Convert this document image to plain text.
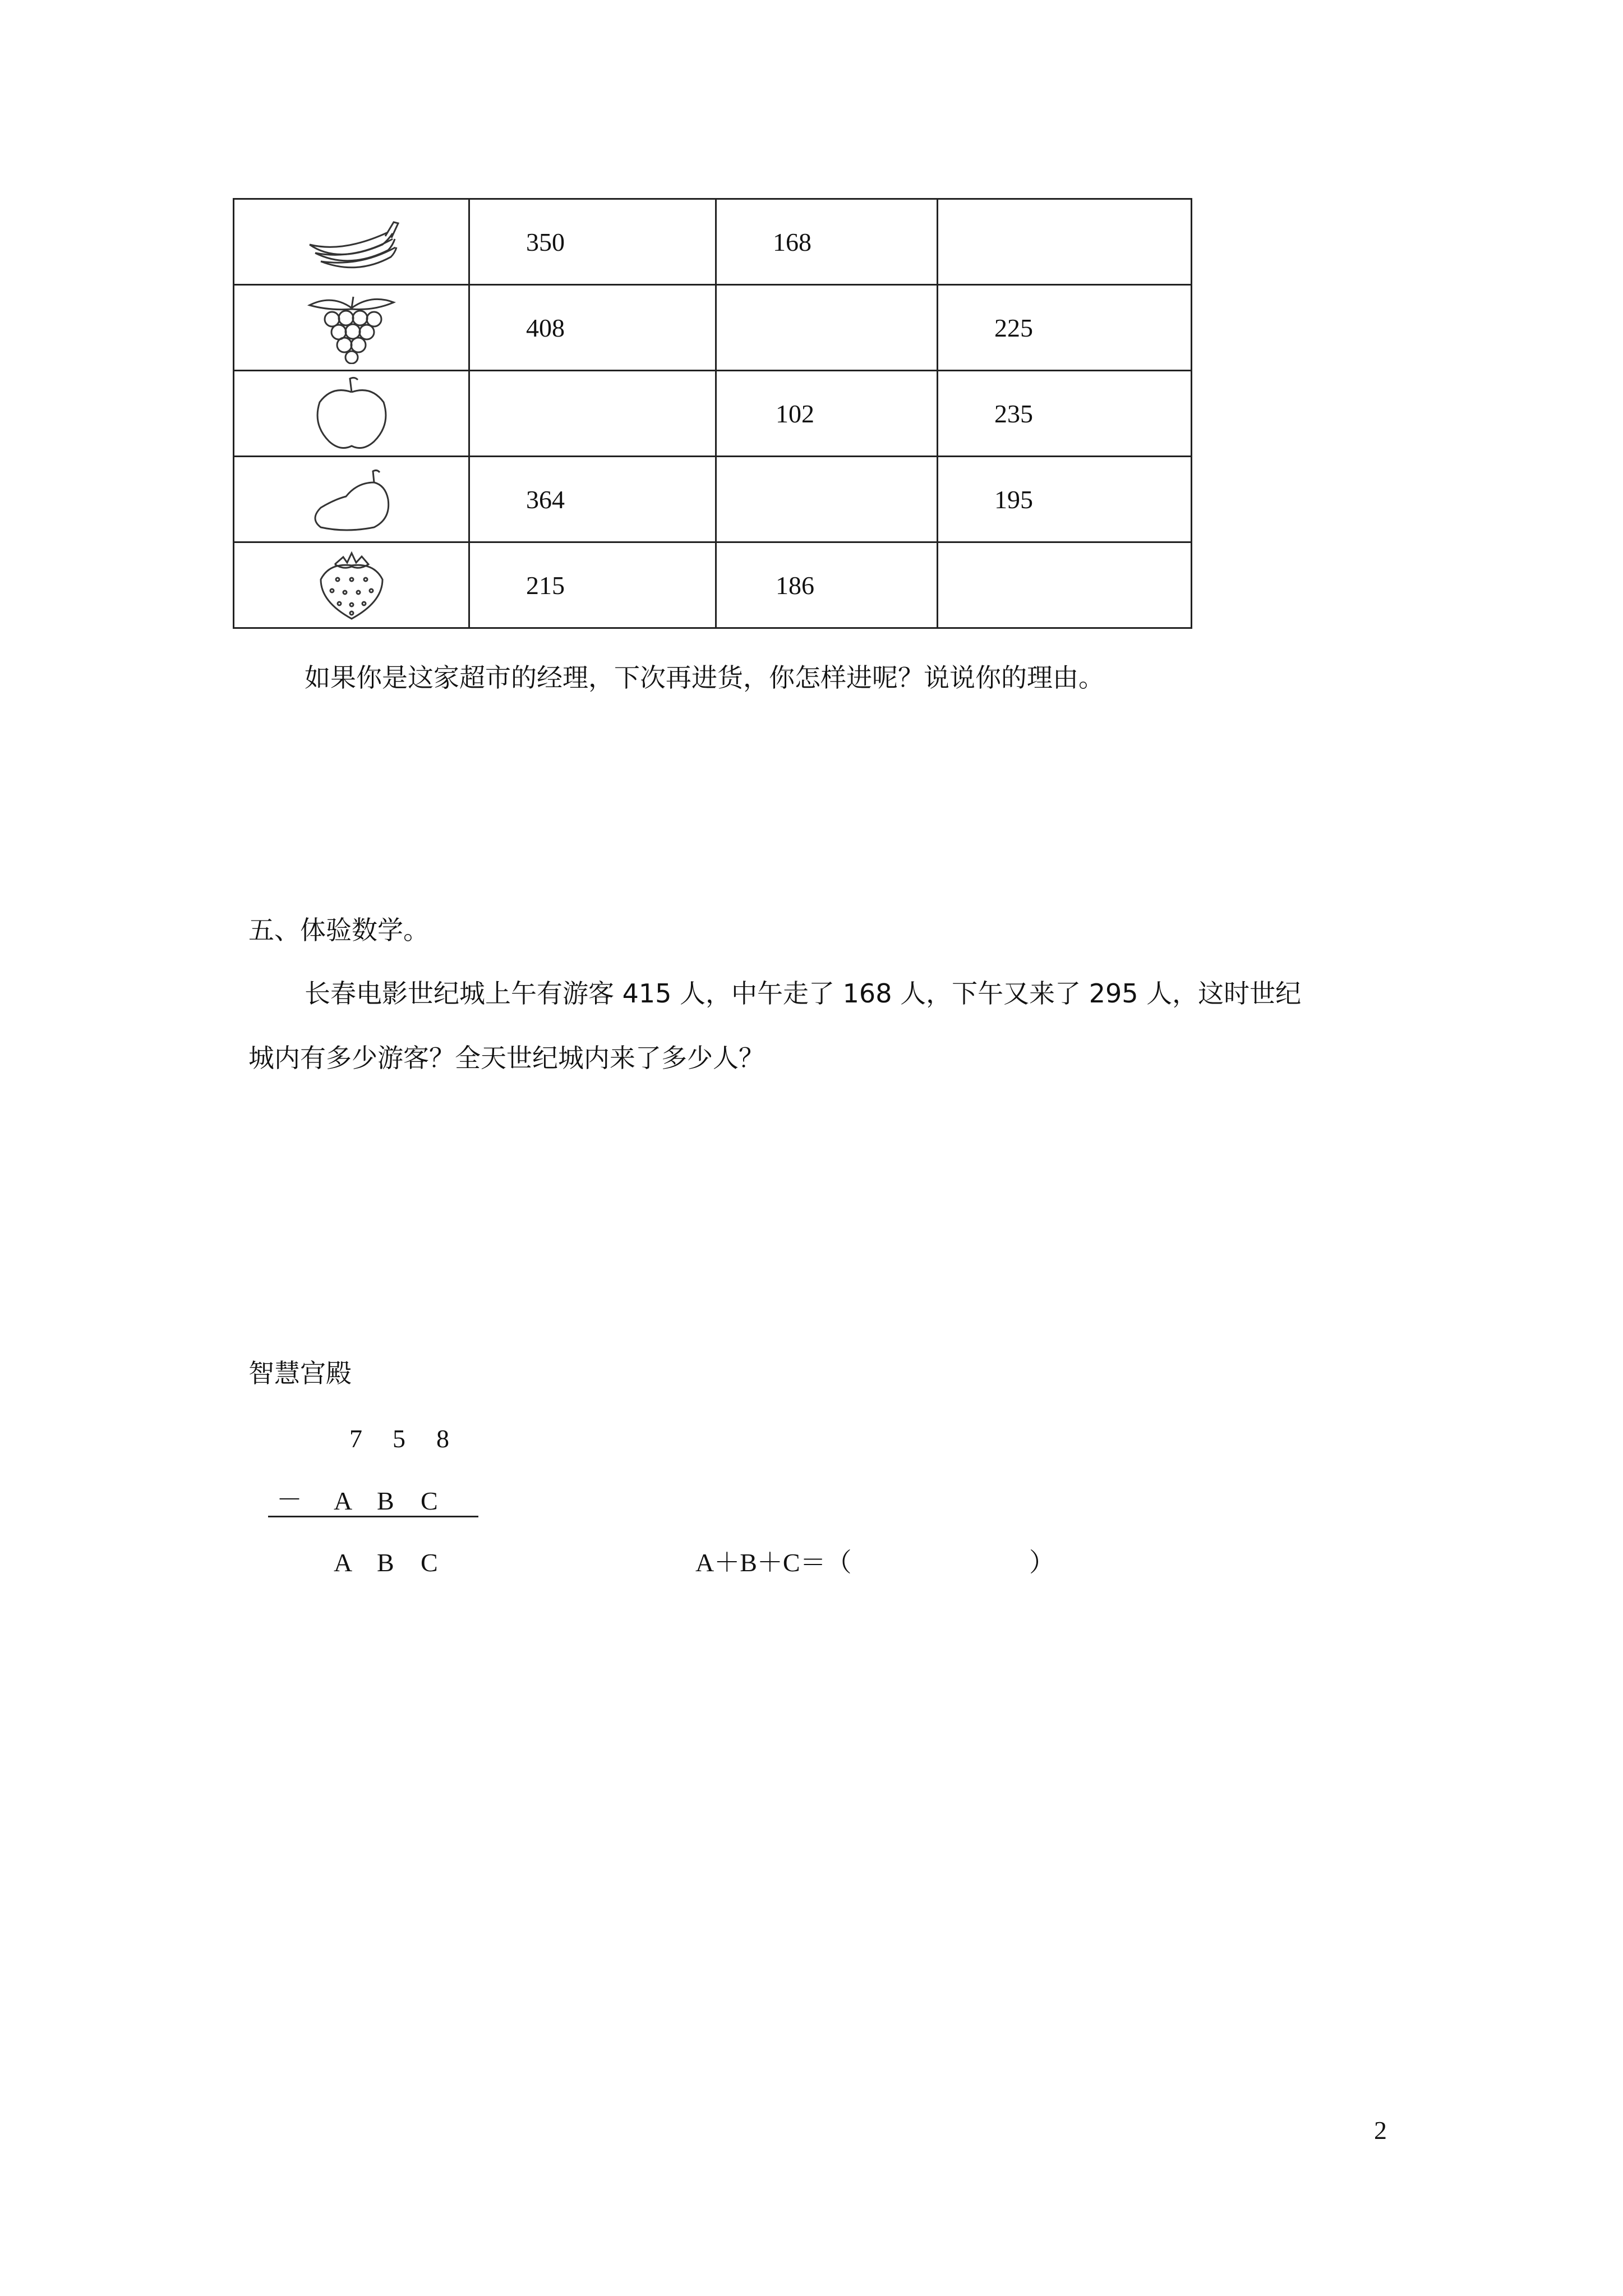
	350	168	

	408		225

		102	235

	364		195

	215	186	
如果你是这家超市的经理，下次再进货，你怎样进呢？说说你的理由。
五、体验数学。
长春电影世纪城上午有游客 415 人，中午走了 168 人，下午又来了 295 人，这时世纪
城内有多少游客？全天世纪城内来了多少人？
智慧宫殿
7 5 8
－ A B C
A B C	A＋B＋C＝（	）
2
